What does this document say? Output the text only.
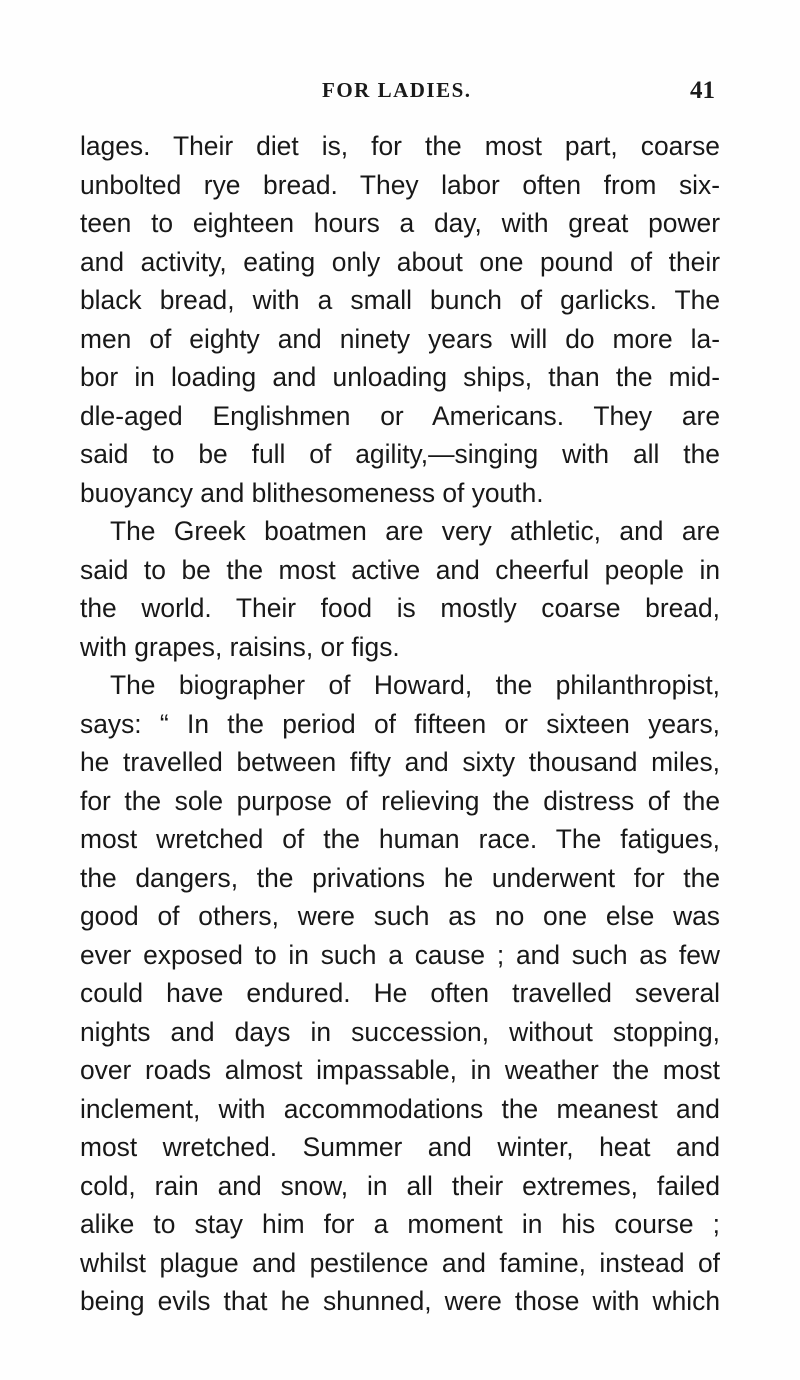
FOR LADIES.	41
lages. Their diet is, for the most part, coarse
unbolted rye bread. They labor often from six-
teen to eighteen hours a day, with great power
and activity, eating only about one pound of their
black bread, with a small bunch of garlicks. The
men of eighty and ninety years will do more la-
bor in loading and unloading ships, than the mid-
dle-aged Englishmen or Americans. They are
said to be full of agility,—singing with all the
buoyancy and blithesomeness of youth.
The Greek boatmen are very athletic, and are
said to be the most active and cheerful people in
the world. Their food is mostly coarse bread,
with grapes, raisins, or figs.
The biographer of Howard, the philanthropist,
says: “ In the period of fifteen or sixteen years,
he travelled between fifty and sixty thousand miles,
for the sole purpose of relieving the distress of the
most wretched of the human race. The fatigues,
the dangers, the privations he underwent for the
good of others, were such as no one else was
ever exposed to in such a cause ; and such as few
could have endured. He often travelled several
nights and days in succession, without stopping,
over roads almost impassable, in weather the most
inclement, with accommodations the meanest and
most wretched. Summer and winter, heat and
cold, rain and snow, in all their extremes, failed
alike to stay him for a moment in his course ;
whilst plague and pestilence and famine, instead of
being evils that he shunned, were those with which
